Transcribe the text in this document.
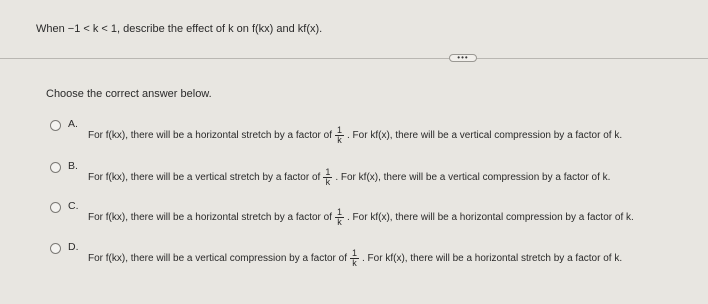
When −1 < k < 1, describe the effect of k on f(kx) and kf(x).
•••
Choose the correct answer below.
A.
For f(kx), there will be a horizontal stretch by a factor of $\frac{1}{k}$ . For kf(x), there will be a vertical compression by a factor of k.
B.
For f(kx), there will be a vertical stretch by a factor of $\frac{1}{k}$ . For kf(x), there will be a vertical compression by a factor of k.
C.
For f(kx), there will be a horizontal stretch by a factor of $\frac{1}{k}$ . For kf(x), there will be a horizontal compression by a factor of k.
D.
For f(kx), there will be a vertical compression by a factor of $\frac{1}{k}$ . For kf(x), there will be a horizontal stretch by a factor of k.
